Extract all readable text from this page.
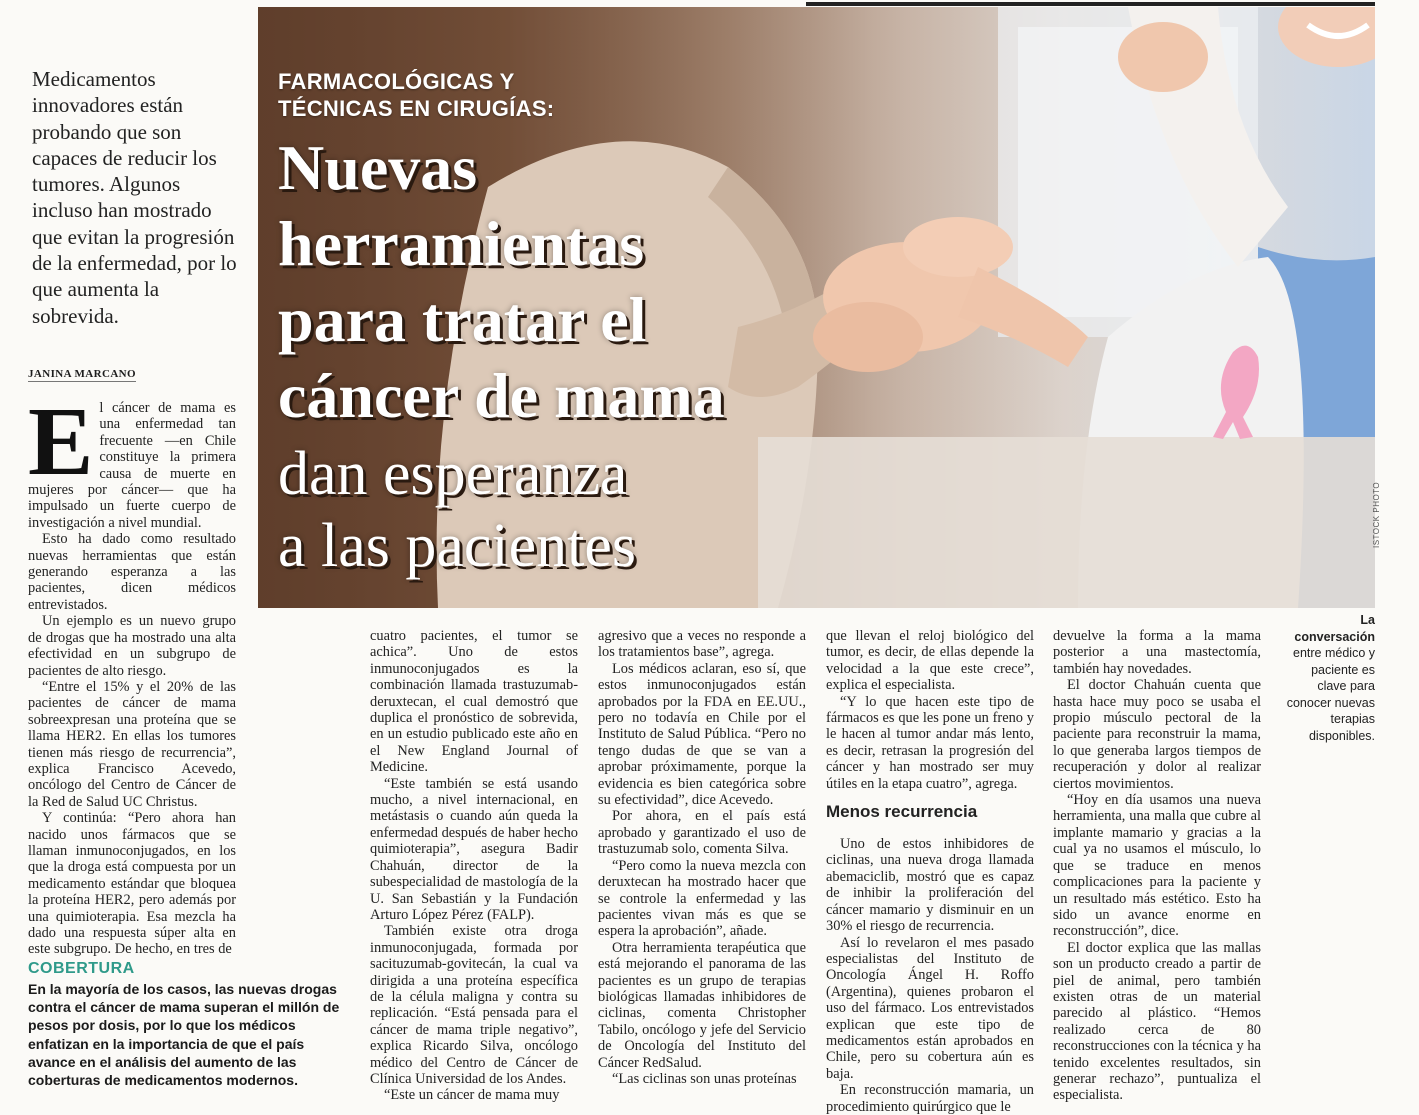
FARMACOLÓGICAS Y
TÉCNICAS EN CIRUGÍAS:
Nuevas
herramientas
para tratar el
cáncer de mama
dan esperanza
a las pacientes	ISTOCK PHOTO
Medicamentos innovadores están probando que son capaces de reducir los tumores. Algunos incluso han mostrado que evitan la progresión de la enfermedad, por lo que aumenta la sobrevida.
JANINA MARCANO
E l cáncer de mama es una enfermedad tan frecuente —en Chile constituye la primera causa de muerte en mujeres por cáncer— que ha impulsado un fuerte cuerpo de investigación a nivel mundial.

Esto ha dado como resultado nuevas herramientas que están generando esperanza a las pacientes, dicen médicos entrevistados.

Un ejemplo es un nuevo grupo de drogas que ha mostrado una alta efectividad en un subgrupo de pacientes de alto riesgo.

“Entre el 15% y el 20% de las pacientes de cáncer de mama sobreexpresan una proteína que se llama HER2. En ellas los tumores tienen más riesgo de recurrencia”, explica Francisco Acevedo, oncólogo del Centro de Cáncer de la Red de Salud UC Christus.

Y continúa: “Pero ahora han nacido unos fármacos que se llaman inmunoconjugados, en los que la droga está compuesta por un medicamento estándar que bloquea la proteína HER2, pero además por una quimioterapia. Esa mezcla ha dado una respuesta súper alta en este subgrupo. De hecho, en tres de

cuatro pacientes, el tumor se achica”. Uno de estos inmunoconjugados es la combinación llamada trastuzumab-deruxtecan, el cual demostró que duplica el pronóstico de sobrevida, en un estudio publicado este año en el New England Journal of Medicine.

“Este también se está usando mucho, a nivel internacional, en metástasis o cuando aún queda la enfermedad después de haber hecho quimioterapia”, asegura Badir Chahuán, director de la subespecialidad de mastología de la U. San Sebastián y la Fundación Arturo López Pérez (FALP).

También existe otra droga inmunoconjugada, formada por sacituzumab-govitecán, la cual va dirigida a una proteína específica de la célula maligna y contra su replicación. “Está pensada para el cáncer de mama triple negativo”, explica Ricardo Silva, oncólogo médico del Centro de Cáncer de Clínica Universidad de los Andes.

“Este un cáncer de mama muy

agresivo que a veces no responde a los tratamientos base”, agrega.

Los médicos aclaran, eso sí, que estos inmunoconjugados están aprobados por la FDA en EE.UU., pero no todavía en Chile por el Instituto de Salud Pública. “Pero no tengo dudas de que se van a aprobar próximamente, porque la evidencia es bien categórica sobre su efectividad”, dice Acevedo.

Por ahora, en el país está aprobado y garantizado el uso de trastuzumab solo, comenta Silva.

“Pero como la nueva mezcla con deruxtecan ha mostrado hacer que se controle la enfermedad y las pacientes vivan más es que se espera la aprobación”, añade.

Otra herramienta terapéutica que está mejorando el panorama de las pacientes es un grupo de terapias biológicas llamadas inhibidores de ciclinas, comenta Christopher Tabilo, oncólogo y jefe del Servicio de Oncología del Instituto del Cáncer RedSalud.

“Las ciclinas son unas proteínas

que llevan el reloj biológico del tumor, es decir, de ellas depende la velocidad a la que este crece”, explica el especialista.

“Y lo que hacen este tipo de fármacos es que les pone un freno y le hacen al tumor andar más lento, es decir, retrasan la progresión del cáncer y han mostrado ser muy útiles en la etapa cuatro”, agrega.

Menos recurrencia

Uno de estos inhibidores de ciclinas, una nueva droga llamada abemaciclib, mostró que es capaz de inhibir la proliferación del cáncer mamario y disminuir en un 30% el riesgo de recurrencia.

Así lo revelaron el mes pasado especialistas del Instituto de Oncología Ángel H. Roffo (Argentina), quienes probaron el uso del fármaco. Los entrevistados explican que este tipo de medicamentos están aprobados en Chile, pero su cobertura aún es baja.

En reconstrucción mamaria, un procedimiento quirúrgico que le

devuelve la forma a la mama posterior a una mastectomía, también hay novedades.

El doctor Chahuán cuenta que hasta hace muy poco se usaba el propio músculo pectoral de la paciente para reconstruir la mama, lo que generaba largos tiempos de recuperación y dolor al realizar ciertos movimientos.

“Hoy en día usamos una nueva herramienta, una malla que cubre al implante mamario y gracias a la cual ya no usamos el músculo, lo que se traduce en menos complicaciones para la paciente y un resultado más estético. Esto ha sido un avance enorme en reconstrucción”, dice.

El doctor explica que las mallas son un producto creado a partir de piel de animal, pero también existen otras de un material parecido al plástico. “Hemos realizado cerca de 80 reconstrucciones con la técnica y ha tenido excelentes resultados, sin generar rechazo”, puntualiza el especialista.

COBERTURA
En la mayoría de los casos, las nuevas drogas contra el cáncer de mama superan el millón de pesos por dosis, por lo que los médicos enfatizan en la importancia de que el país avance en el análisis del aumento de las coberturas de medicamentos modernos.
La conversación entre médico y paciente es clave para conocer nuevas terapias disponibles.
